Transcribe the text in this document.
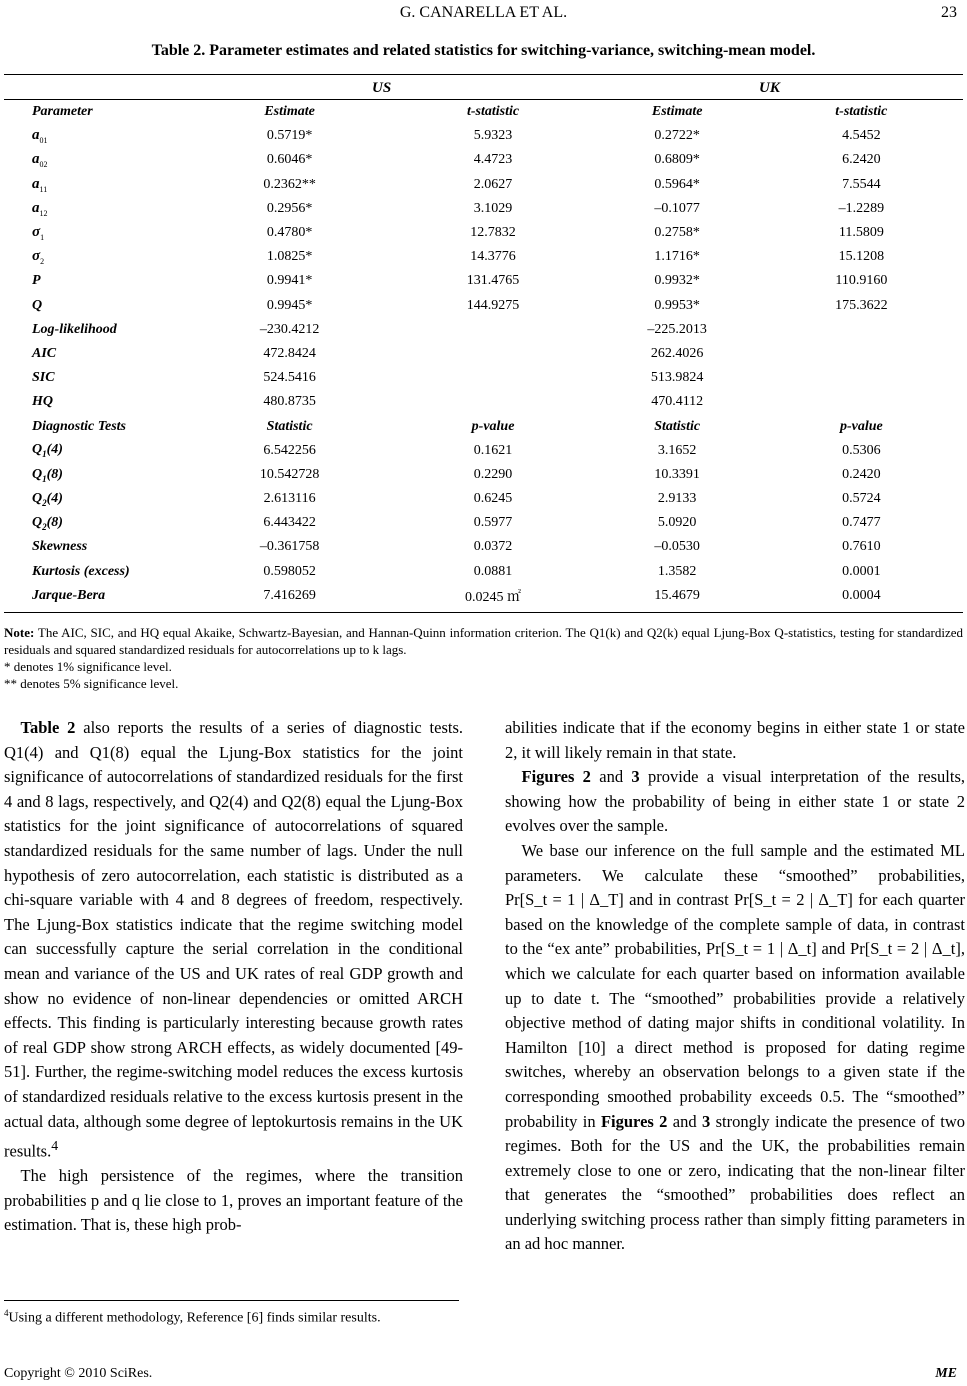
G. CANARELLA ET AL.	23
Table 2. Parameter estimates and related statistics for switching-variance, switching-mean model.
US	UK
Parameter	Estimate	t-statistic	Estimate	t-statistic
$a_{01}$	0.5719*	5.9323	0.2722*	4.5452
$a_{02}$	0.6046*	4.4723	0.6809*	6.2420
$a_{11}$	0.2362**	2.0627	0.5964*	7.5544
$a_{12}$	0.2956*	3.1029	–0.1077	–1.2289
$\sigma_1$	0.4780*	12.7832	0.2758*	11.5809
$\sigma_2$	1.0825*	14.3776	1.1716*	15.1208
P	0.9941*	131.4765	0.9932*	110.9160
Q	0.9945*	144.9275	0.9953*	175.3622
Log-likelihood	–230.4212		–225.2013	
AIC	472.8424		262.4026	
SIC	524.5416		513.9824	
HQ	480.8735		470.4112	
Diagnostic Tests	Statistic	p-value	Statistic	p-value
$Q_1(4)$	6.542256	0.1621	3.1652	0.5306
$Q_1(8)$	10.542728	0.2290	10.3391	0.2420
$Q_2(4)$	2.613116	0.6245	2.9133	0.5724
$Q_2(8)$	6.443422	0.5977	5.0920	0.7477
Skewness	–0.361758	0.0372	–0.0530	0.7610
Kurtosis (excess)	0.598052	0.0881	1.3582	0.0001
Jarque-Bera	7.416269	0.0245 ㎡	15.4679	0.0004

Note: The AIC, SIC, and HQ equal Akaike, Schwartz-Bayesian, and Hannan-Quinn information criterion. The Q1(k) and Q2(k) equal Ljung-Box Q-statistics, testing for standardized residuals and squared standardized residuals for autocorrelations up to k lags.

* denotes 1% significance level.

** denotes 5% significance level.

Table 2 also reports the results of a series of diagnostic tests. Q1(4) and Q1(8) equal the Ljung-Box statistics for the joint significance of autocorrelations of standardized residuals for the first 4 and 8 lags, respectively, and Q2(4) and Q2(8) equal the Ljung-Box statistics for the joint significance of autocorrelations of squared standardized residuals for the same number of lags. Under the null hypothesis of zero autocorrelation, each statistic is distributed as a chi-square variable with 4 and 8 degrees of freedom, respectively. The Ljung-Box statistics indicate that the regime switching model can successfully capture the serial correlation in the conditional mean and variance of the US and UK rates of real GDP growth and show no evidence of non-linear dependencies or omitted ARCH effects. This finding is particularly interesting because growth rates of real GDP show strong ARCH effects, as widely documented [49-51]. Further, the regime-switching model reduces the excess kurtosis of standardized residuals relative to the excess kurtosis present in the actual data, although some degree of leptokurtosis remains in the UK results.$^4$

The high persistence of the regimes, where the transition probabilities p and q lie close to 1, proves an important feature of the estimation. That is, these high prob-

abilities indicate that if the economy begins in either state 1 or state 2, it will likely remain in that state.

Figures 2 and 3 provide a visual interpretation of the results, showing how the probability of being in either state 1 or state 2 evolves over the sample.

We base our inference on the full sample and the estimated ML parameters. We calculate these “smoothed” probabilities, Pr[S_t = 1 | Δ_T] and in contrast Pr[S_t = 2 | Δ_T] for each quarter based on the knowledge of the complete sample of data, in contrast to the “ex ante” probabilities, Pr[S_t = 1 | Δ_t] and Pr[S_t = 2 | Δ_t], which we calculate for each quarter based on information available up to date t. The “smoothed” probabilities provide a relatively objective method of dating major shifts in conditional volatility. In Hamilton [10] a direct method is proposed for dating regime switches, whereby an observation belongs to a given state if the corresponding smoothed probability exceeds 0.5. The “smoothed” probability in Figures 2 and 3 strongly indicate the presence of two regimes. Both for the US and the UK, the probabilities remain extremely close to one or zero, indicating that the non-linear filter that generates the “smoothed” probabilities does reflect an underlying switching process rather than simply fitting parameters in an ad hoc manner.

$^4$Using a different methodology, Reference [6] finds similar results.
Copyright © 2010 SciRes.	ME
